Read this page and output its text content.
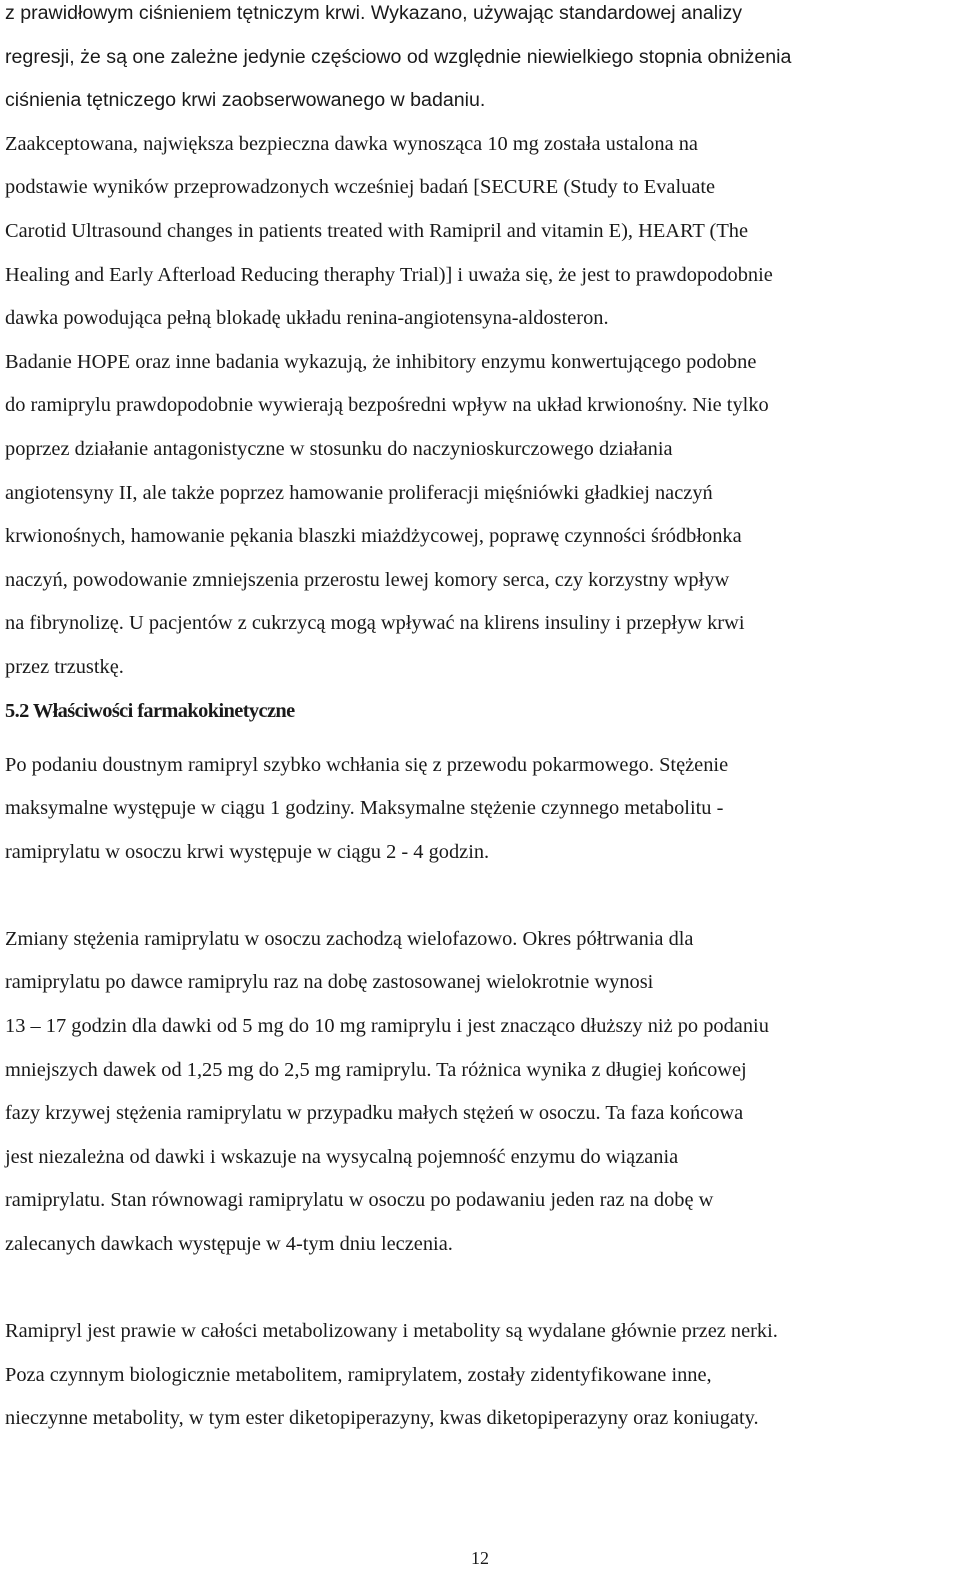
z prawidłowym ciśnieniem tętniczym krwi. Wykazano, używając standardowej analizy
regresji, że są one zależne jedynie częściowo od względnie niewielkiego stopnia obniżenia
ciśnienia tętniczego krwi zaobserwowanego w badaniu.
Zaakceptowana, największa bezpieczna dawka wynosząca 10 mg została ustalona na
podstawie wyników przeprowadzonych wcześniej badań [SECURE (Study to Evaluate
Carotid Ultrasound changes in patients treated with Ramipril and vitamin E), HEART (The
Healing and Early Afterload Reducing theraphy Trial)] i uważa się, że jest to prawdopodobnie
dawka powodująca pełną blokadę układu renina-angiotensyna-aldosteron.
Badanie HOPE oraz inne badania wykazują, że inhibitory enzymu konwertującego podobne
do ramiprylu prawdopodobnie wywierają bezpośredni wpływ na układ krwionośny. Nie tylko
poprzez działanie antagonistyczne w stosunku do naczynioskurczowego działania
angiotensyny II, ale także poprzez hamowanie proliferacji mięśniówki gładkiej naczyń
krwionośnych, hamowanie pękania blaszki miażdżycowej, poprawę czynności śródbłonka
naczyń, powodowanie zmniejszenia przerostu lewej komory serca, czy korzystny wpływ
na fibrynolizę. U pacjentów z cukrzycą mogą wpływać na klirens insuliny i przepływ krwi
przez trzustkę.
5.2 Właściwości farmakokinetyczne
Po podaniu doustnym ramipryl szybko wchłania się z przewodu pokarmowego. Stężenie
maksymalne występuje w ciągu 1 godziny. Maksymalne stężenie czynnego metabolitu -
ramiprylatu w osoczu krwi występuje w ciągu 2 - 4 godzin.
Zmiany stężenia ramiprylatu w osoczu zachodzą wielofazowo. Okres półtrwania dla
ramiprylatu po dawce ramiprylu raz na dobę zastosowanej wielokrotnie wynosi
13 – 17 godzin dla dawki od 5 mg do 10 mg ramiprylu i jest znacząco dłuższy niż po podaniu
mniejszych dawek od 1,25 mg do 2,5 mg ramiprylu. Ta różnica wynika z długiej końcowej
fazy krzywej stężenia ramiprylatu w przypadku małych stężeń w osoczu. Ta faza końcowa
jest niezależna od dawki i wskazuje na wysycalną pojemność enzymu do wiązania
ramiprylatu. Stan równowagi ramiprylatu w osoczu po podawaniu jeden raz na dobę w
zalecanych dawkach występuje w 4-tym dniu leczenia.
Ramipryl jest prawie w całości metabolizowany i metabolity są wydalane głównie przez nerki.
Poza czynnym biologicznie metabolitem, ramiprylatem, zostały zidentyfikowane inne,
nieczynne metabolity, w tym ester diketopiperazyny, kwas diketopiperazyny oraz koniugaty.
12
